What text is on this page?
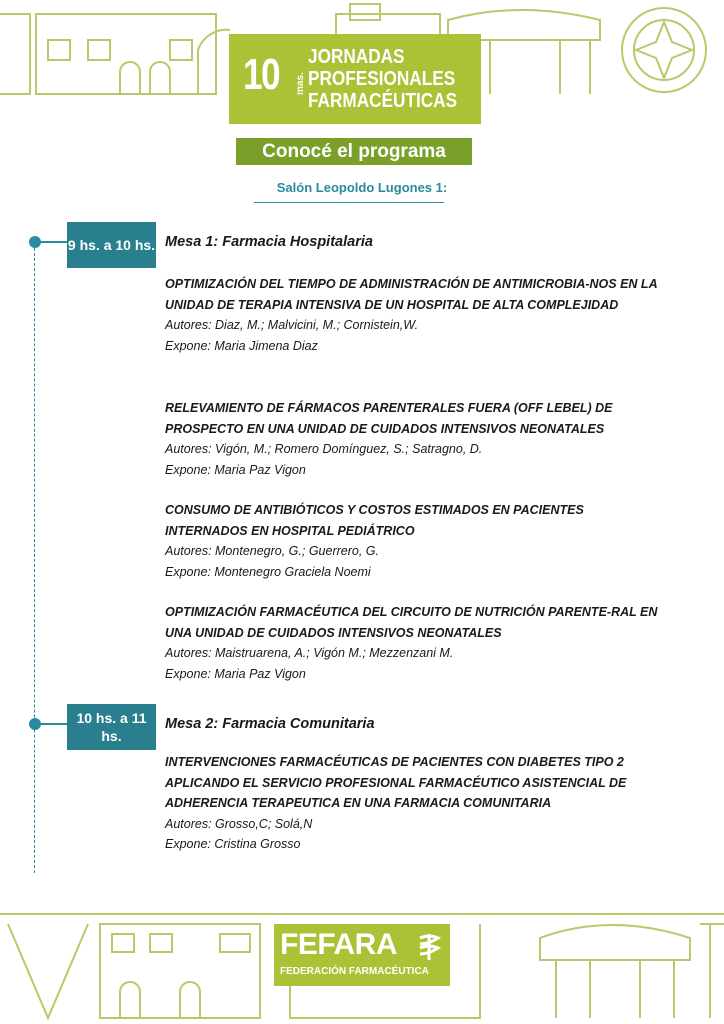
10 mas.
JORNADAS
PROFESIONALES
FARMACÉUTICAS
Conocé el programa
Salón Leopoldo Lugones 1:
9 hs. a 10 hs. Mesa 1: Farmacia Hospitalaria
OPTIMIZACIÓN DEL TIEMPO DE ADMINISTRACIÓN DE ANTIMICROBIA-NOS EN LA UNIDAD DE TERAPIA INTENSIVA DE UN HOSPITAL DE ALTA COMPLEJIDAD
Autores: Diaz, M.; Malvicini, M.; Cornistein,W.
Expone: Maria Jimena Diaz
RELEVAMIENTO DE FÁRMACOS PARENTERALES FUERA (OFF LEBEL) DE PROSPECTO EN UNA UNIDAD DE CUIDADOS INTENSIVOS NEONATALES
Autores: Vigón, M.; Romero Domínguez, S.; Satragno, D.
Expone: Maria Paz Vigon
CONSUMO DE ANTIBIÓTICOS Y COSTOS ESTIMADOS EN PACIENTES INTERNADOS EN HOSPITAL PEDIÁTRICO
Autores: Montenegro, G.; Guerrero, G.
Expone: Montenegro Graciela Noemi
OPTIMIZACIÓN FARMACÉUTICA DEL CIRCUITO DE NUTRICIÓN PARENTE-RAL EN UNA UNIDAD DE CUIDADOS INTENSIVOS NEONATALES
Autores: Maistruarena, A.; Vigón M.; Mezzenzani M.
Expone: Maria Paz Vigon
10 hs. a 11 hs.
Mesa 2: Farmacia Comunitaria
INTERVENCIONES FARMACÉUTICAS DE PACIENTES CON DIABETES TIPO 2 APLICANDO EL SERVICIO PROFESIONAL FARMACÉUTICO ASISTENCIAL DE ADHERENCIA TERAPEUTICA EN UNA FARMACIA COMUNITARIA
Autores: Grosso,C; Solá,N
Expone: Cristina Grosso
FEFARA
FEDERACIÓN FARMACÉUTICA
